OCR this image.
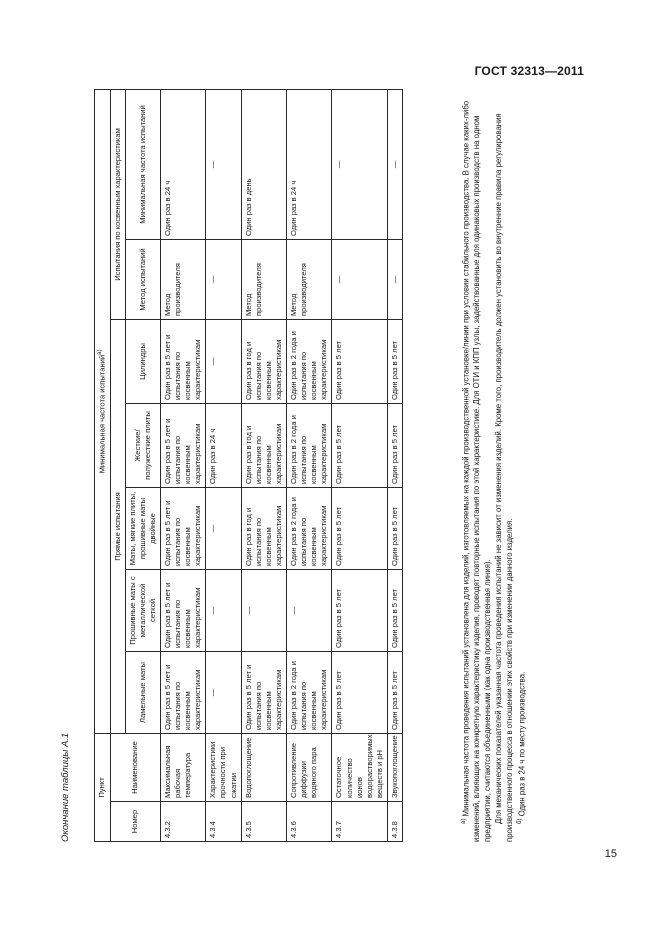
ГОСТ 32313—2011
Окончание таблицы А.1	Пункт		Минимальная частота испытаний$^{а)}$
Номер	Наименование	Прямые испытания					Испытания по косвенным характеристикам	
		Ламельные маты	Прошивные маты с металлической сеткой	Маты, мягкие плиты, прошивные маты двойные	Жесткие/ полужесткие плиты	Цилиндры	Метод испытаний	Минимальная частота испытаний
4.3.2	Максимальная рабочая температура	Один раз в 5 лет и испытания по косвенным характеристикам	Один раз в 5 лет и испытания по косвенным характеристикам	Один раз в 5 лет и испытания по косвенным характеристикам	Один раз в 5 лет и испытания по косвенным характеристикам	Один раз в 5 лет и испытания по косвенным характеристикам	Метод производителя	Один раз в 24 ч
4.3.4	Характеристики прочности при сжатии	—	—	—	Один раз в 24 ч	—	—	—
4.3.5	Водопоглощение	Один раз в 5 лет и испытания по косвенным характеристикам	—	Один раз в год и испытания по косвенным характеристикам	Один раз в год и испытания по косвенным характеристикам	Один раз в год и испытания по косвенным характеристикам	Метод производителя	Один раз в день
4.3.6	Сопротивление диффузии водяного пара	Один раз в 2 года и испытания по косвенным характеристикам	—	Один раз в 2 года и испытания по косвенным характеристикам	Один раз в 2 года и испытания по косвенным характеристикам	Один раз в 2 года и испытания по косвенным характеристикам	Метод производителя	Один раз в 24 ч
4.3.7	Остаточное количество ионов водорастворимых веществ и pH	Один раз в 5 лет	Один раз в 5 лет	Один раз в 5 лет	Один раз в 5 лет	Один раз в 5 лет	—	—
4.3.8	Звукопоглощение	Один раз в 5 лет	Один раз в 5 лет	Один раз в 5 лет	Один раз в 5 лет	Один раз в 5 лет	—	—

$^{а)}$ Минимальная частота проведения испытаний установлена для изделий, изготовляемых на каждой производственной установке/линии при условии стабильного производства. В случае каких-либо изменений, влияющих на конкретную характеристику изделия, проводят повторные испытания по этой характеристике. Для ОТИ и КПП узлы, задействованные для одинаковых производств на одном предприятии, считаются объединенными (как одна производственная линия). Для механических показателей указанная частота проведения испытаний не зависит от изменения изделий. Кроме того, производитель должен установить во внутренние правила регулирования производственного процесса в отношении этих свойств при изменении данного изделия. $^{б)}$ Один раз в 24 ч по месту производства.

15
